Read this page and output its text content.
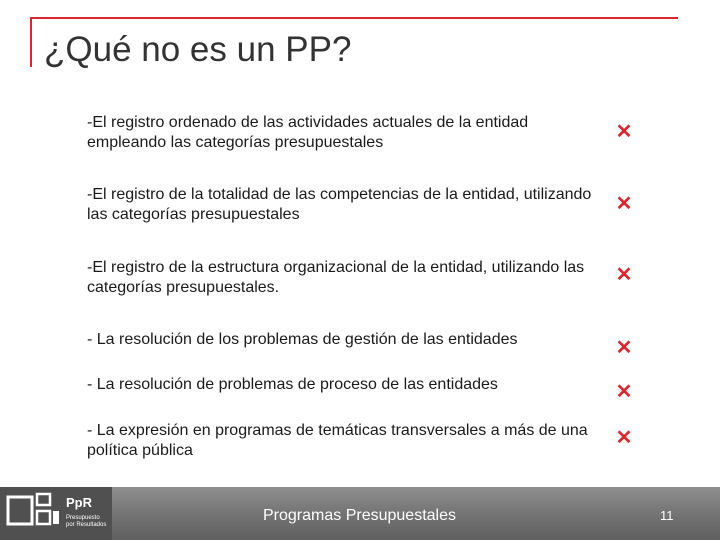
¿Qué no es un PP?
-El registro ordenado de las actividades actuales de la entidad empleando las categorías presupuestales
-El registro de la totalidad de las competencias de la entidad, utilizando las categorías presupuestales
-El registro de la estructura organizacional de la entidad, utilizando las categorías presupuestales.
- La resolución de los problemas de gestión de las entidades
- La resolución de problemas de proceso de las entidades
- La expresión en programas de temáticas transversales a más de una política pública
✕
✕
✕
✕
✕
✕
PpR
Presupuesto por Resultados
Programas Presupuestales	11
